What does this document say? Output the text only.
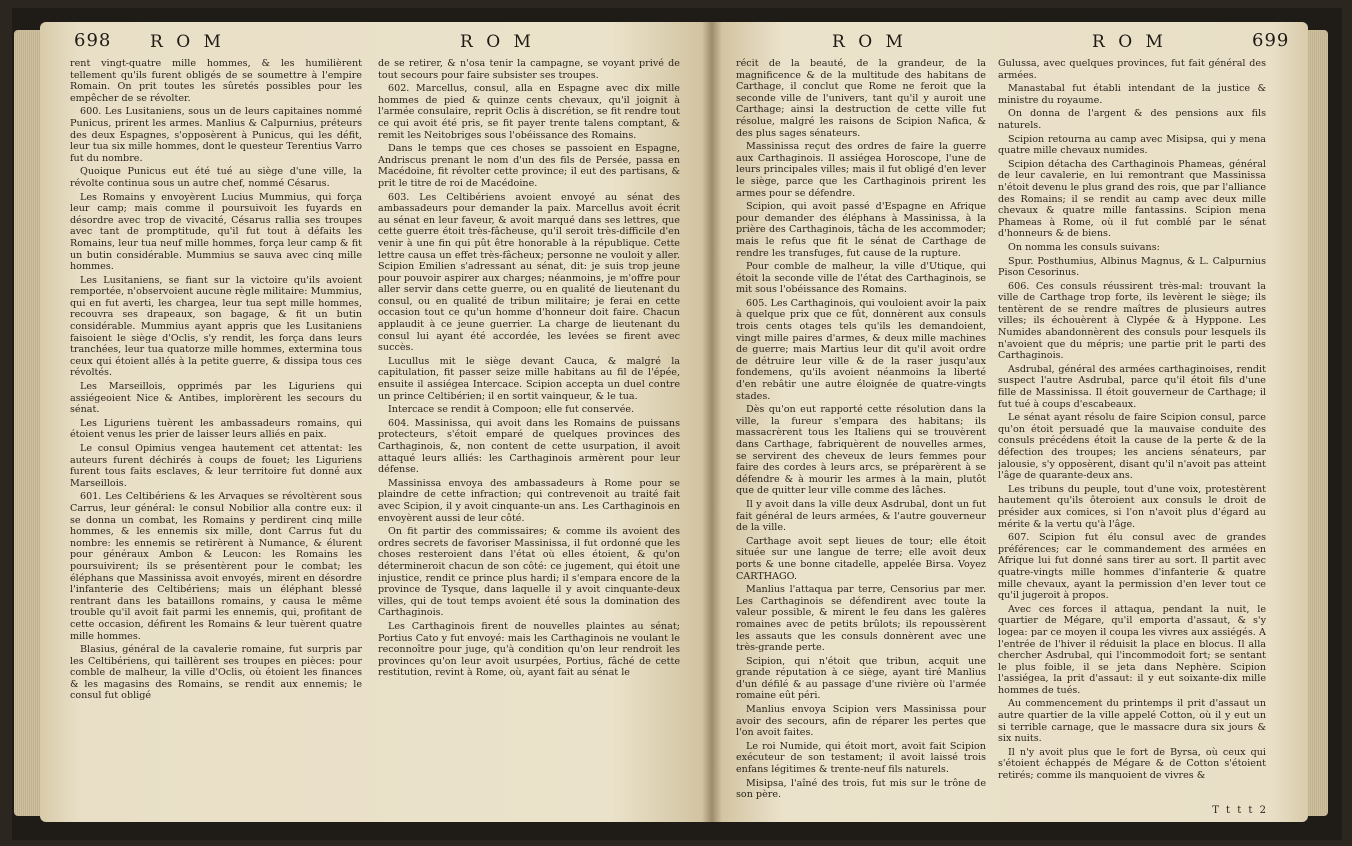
698 R O M	R O M

rent vingt-quatre mille hommes, & les humilièrent tellement qu'ils furent obligés de se soumettre à l'empire Romain. On prit toutes les sûretés possibles pour les empêcher de se révolter.

600. Les Lusitaniens, sous un de leurs capitaines nommé Punicus, prirent les armes. Manlius & Calpurnius, préteurs des deux Espagnes, s'opposèrent à Punicus, qui les défit, leur tua six mille hommes, dont le questeur Terentius Varro fut du nombre.

Quoique Punicus eut été tué au siège d'une ville, la révolte continua sous un autre chef, nommé Césarus.

Les Romains y envoyèrent Lucius Mummius, qui força leur camp; mais comme il poursuivoit les fuyards en désordre avec trop de vivacité, Césarus rallia ses troupes avec tant de promptitude, qu'il fut tout à défaits les Romains, leur tua neuf mille hommes, força leur camp & fit un butin considérable. Mummius se sauva avec cinq mille hommes.

Les Lusitaniens, se fiant sur la victoire qu'ils avoient remportée, n'observoient aucune règle militaire: Mummius, qui en fut averti, les chargea, leur tua sept mille hommes, recouvra ses drapeaux, son bagage, & fit un butin considérable. Mummius ayant appris que les Lusitaniens faisoient le siège d'Oclis, s'y rendit, les força dans leurs tranchées, leur tua quatorze mille hommes, extermina tous ceux qui étoient allés à la petite guerre, & dissipa tous ces révoltés.

Les Marseillois, opprimés par les Liguriens qui assiégeoient Nice & Antibes, implorèrent les secours du sénat.

Les Liguriens tuèrent les ambassadeurs romains, qui étoient venus les prier de laisser leurs alliés en paix.

Le consul Opimius vengea hautement cet attentat: les auteurs furent déchirés à coups de fouet; les Liguriens furent tous faits esclaves, & leur territoire fut donné aux Marseillois.

601. Les Celtibériens & les Arvaques se révoltèrent sous Carrus, leur général: le consul Nobilior alla contre eux: il se donna un combat, les Romains y perdirent cinq mille hommes, & les ennemis six mille, dont Carrus fut du nombre: les ennemis se retirèrent à Numance, & élurent pour généraux Ambon & Leucon: les Romains les poursuivirent; ils se présentèrent pour le combat; les éléphans que Massinissa avoit envoyés, mirent en désordre l'infanterie des Celtibériens; mais un éléphant blessé rentrant dans les bataillons romains, y causa le même trouble qu'il avoit fait parmi les ennemis, qui, profitant de cette occasion, défirent les Romains & leur tuèrent quatre mille hommes.

Blasius, général de la cavalerie romaine, fut surpris par les Celtibériens, qui taillèrent ses troupes en pièces: pour comble de malheur, la ville d'Oclis, où étoient les finances & les magasins des Romains, se rendit aux ennemis; le consul fut obligé

de se retirer, & n'osa tenir la campagne, se voyant privé de tout secours pour faire subsister ses troupes.

602. Marcellus, consul, alla en Espagne avec dix mille hommes de pied & quinze cents chevaux, qu'il joignit à l'armée consulaire, reprit Oclis à discrétion, se fit rendre tout ce qui avoit été pris, se fit payer trente talens comptant, & remit les Neitobriges sous l'obéissance des Romains.

Dans le temps que ces choses se passoient en Espagne, Andriscus prenant le nom d'un des fils de Persée, passa en Macédoine, fit révolter cette province; il eut des partisans, & prit le titre de roi de Macédoine.

603. Les Celtibériens avoient envoyé au sénat des ambassadeurs pour demander la paix. Marcellus avoit écrit au sénat en leur faveur, & avoit marqué dans ses lettres, que cette guerre étoit très-fâcheuse, qu'il seroit très-difficile d'en venir à une fin qui pût être honorable à la république. Cette lettre causa un effet très-fâcheux; personne ne vouloit y aller. Scipion Emilien s'adressant au sénat, dit: je suis trop jeune pour pouvoir aspirer aux charges; néanmoins, je m'offre pour aller servir dans cette guerre, ou en qualité de lieutenant du consul, ou en qualité de tribun militaire; je ferai en cette occasion tout ce qu'un homme d'honneur doit faire. Chacun applaudit à ce jeune guerrier. La charge de lieutenant du consul lui ayant été accordée, les levées se firent avec succès.

Lucullus mit le siège devant Cauca, & malgré la capitulation, fit passer seize mille habitans au fil de l'épée, ensuite il assiégea Intercace. Scipion accepta un duel contre un prince Celtibérien; il en sortit vainqueur, & le tua.

Intercace se rendit à Compoon; elle fut conservée.

604. Massinissa, qui avoit dans les Romains de puissans protecteurs, s'étoit emparé de quelques provinces des Carthaginois, &, non content de cette usurpation, il avoit attaqué leurs alliés: les Carthaginois armèrent pour leur défense.

Massinissa envoya des ambassadeurs à Rome pour se plaindre de cette infraction; qui contrevenoit au traité fait avec Scipion, il y avoit cinquante-un ans. Les Carthaginois en envoyèrent aussi de leur côté.

On fit partir des commissaires; & comme ils avoient des ordres secrets de favoriser Massinissa, il fut ordonné que les choses resteroient dans l'état où elles étoient, & qu'on détermineroit chacun de son côté: ce jugement, qui étoit une injustice, rendit ce prince plus hardi; il s'empara encore de la province de Tysque, dans laquelle il y avoit cinquante-deux villes, qui de tout temps avoient été sous la domination des Carthaginois.

Les Carthaginois firent de nouvelles plaintes au sénat; Portius Cato y fut envoyé: mais les Carthaginois ne voulant le reconnoître pour juge, qu'à condition qu'on leur rendroit les provinces qu'on leur avoit usurpées, Portius, fâché de cette restitution, revint à Rome, où, ayant fait au sénat le

R O M	R O M	699

récit de la beauté, de la grandeur, de la magnificence & de la multitude des habitans de Carthage, il conclut que Rome ne feroit que la seconde ville de l'univers, tant qu'il y auroit une Carthage; ainsi la destruction de cette ville fut résolue, malgré les raisons de Scipion Nafica, & des plus sages sénateurs.

Massinissa reçut des ordres de faire la guerre aux Carthaginois. Il assiégea Horoscope, l'une de leurs principales villes; mais il fut obligé d'en lever le siège, parce que les Carthaginois prirent les armes pour se défendre.

Scipion, qui avoit passé d'Espagne en Afrique pour demander des éléphans à Massinissa, à la prière des Carthaginois, tâcha de les accommoder; mais le refus que fit le sénat de Carthage de rendre les transfuges, fut cause de la rupture.

Pour comble de malheur, la ville d'Utique, qui étoit la seconde ville de l'état des Carthaginois, se mit sous l'obéissance des Romains.

605. Les Carthaginois, qui vouloient avoir la paix à quelque prix que ce fût, donnèrent aux consuls trois cents otages tels qu'ils les demandoient, vingt mille paires d'armes, & deux mille machines de guerre; mais Martius leur dit qu'il avoit ordre de détruire leur ville & de la raser jusqu'aux fondemens, qu'ils avoient néanmoins la liberté d'en rebâtir une autre éloignée de quatre-vingts stades.

Dès qu'on eut rapporté cette résolution dans la ville, la fureur s'empara des habitans; ils massacrèrent tous les Italiens qui se trouvèrent dans Carthage, fabriquèrent de nouvelles armes, se servirent des cheveux de leurs femmes pour faire des cordes à leurs arcs, se préparèrent à se défendre & à mourir les armes à la main, plutôt que de quitter leur ville comme des lâches.

Il y avoit dans la ville deux Asdrubal, dont un fut fait général de leurs armées, & l'autre gouverneur de la ville.

Carthage avoit sept lieues de tour; elle étoit située sur une langue de terre; elle avoit deux ports & une bonne citadelle, appelée Birsa. Voyez CARTHAGO.

Manlius l'attaqua par terre, Censorius par mer. Les Carthaginois se défendirent avec toute la valeur possible, & mirent le feu dans les galères romaines avec de petits brûlots; ils repoussèrent les assauts que les consuls donnèrent avec une très-grande perte.

Scipion, qui n'étoit que tribun, acquit une grande réputation à ce siège, ayant tiré Manlius d'un défilé & au passage d'une rivière où l'armée romaine eût péri.

Manlius envoya Scipion vers Massinissa pour avoir des secours, afin de réparer les pertes que l'on avoit faites.

Le roi Numide, qui étoit mort, avoit fait Scipion exécuteur de son testament; il avoit laissé trois enfans légitimes & trente-neuf fils naturels.

Misipsa, l'aîné des trois, fut mis sur le trône de son père.

Gulussa, avec quelques provinces, fut fait général des armées.

Manastabal fut établi intendant de la justice & ministre du royaume.

On donna de l'argent & des pensions aux fils naturels.

Scipion retourna au camp avec Misipsa, qui y mena quatre mille chevaux numides.

Scipion détacha des Carthaginois Phameas, général de leur cavalerie, en lui remontrant que Massinissa n'étoit devenu le plus grand des rois, que par l'alliance des Romains; il se rendit au camp avec deux mille chevaux & quatre mille fantassins. Scipion mena Phameas à Rome, où il fut comblé par le sénat d'honneurs & de biens.

On nomma les consuls suivans:

Spur. Posthumius, Albinus Magnus, & L. Calpurnius Pison Cesorinus.

606. Ces consuls réussirent très-mal: trouvant la ville de Carthage trop forte, ils levèrent le siège; ils tentèrent de se rendre maîtres de plusieurs autres villes; ils échouèrent à Clypée & à Hyppone. Les Numides abandonnèrent des consuls pour lesquels ils n'avoient que du mépris; une partie prit le parti des Carthaginois.

Asdrubal, général des armées carthaginoises, rendit suspect l'autre Asdrubal, parce qu'il étoit fils d'une fille de Massinissa. Il étoit gouverneur de Carthage; il fut tué à coups d'escabeaux.

Le sénat ayant résolu de faire Scipion consul, parce qu'on étoit persuadé que la mauvaise conduite des consuls précédens étoit la cause de la perte & de la défection des troupes; les anciens sénateurs, par jalousie, s'y opposèrent, disant qu'il n'avoit pas atteint l'âge de quarante-deux ans.

Les tribuns du peuple, tout d'une voix, protestèrent hautement qu'ils ôteroient aux consuls le droit de présider aux comices, si l'on n'avoit plus d'égard au mérite & la vertu qu'à l'âge.

607. Scipion fut élu consul avec de grandes préférences; car le commandement des armées en Afrique lui fut donné sans tirer au sort. Il partit avec quatre-vingts mille hommes d'infanterie & quatre mille chevaux, ayant la permission d'en lever tout ce qu'il jugeroit à propos.

Avec ces forces il attaqua, pendant la nuit, le quartier de Mégare, qu'il emporta d'assaut, & s'y logea: par ce moyen il coupa les vivres aux assiégés. A l'entrée de l'hiver il réduisit la place en blocus. Il alla chercher Asdrubal, qui l'incommodoit fort; se sentant le plus foible, il se jeta dans Nephère. Scipion l'assiégea, la prit d'assaut: il y eut soixante-dix mille hommes de tués.

Au commencement du printemps il prit d'assaut un autre quartier de la ville appelé Cotton, où il y eut un si terrible carnage, que le massacre dura six jours & six nuits.

Il n'y avoit plus que le fort de Byrsa, où ceux qui s'étoient échappés de Mégare & de Cotton s'étoient retirés; comme ils manquoient de vivres &

T t t t 2
